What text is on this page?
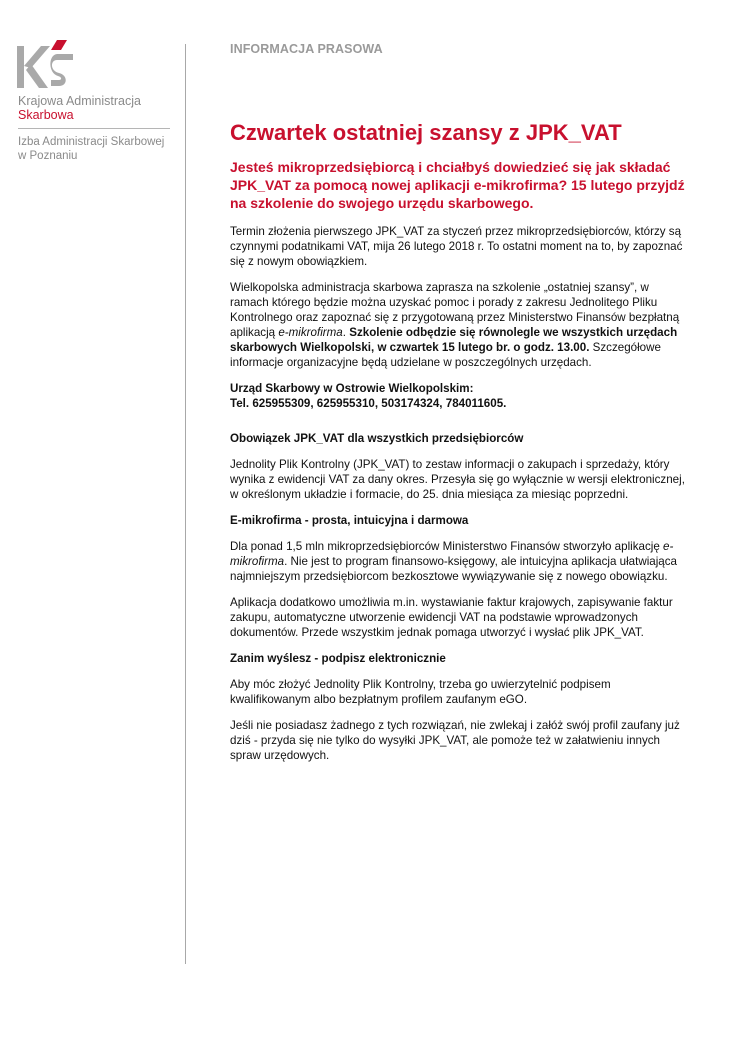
Krajowa Administracja
Skarbowa
Izba Administracji Skarbowej
w Poznaniu
INFORMACJA PRASOWA
Czwartek ostatniej szansy z JPK_VAT
Jesteś mikroprzedsiębiorcą i chciałbyś dowiedzieć się jak składać JPK_VAT za pomocą nowej aplikacji e-mikrofirma? 15 lutego przyjdź na szkolenie do swojego urzędu skarbowego.

Termin złożenia pierwszego JPK_VAT za styczeń przez mikroprzedsiębiorców, którzy są czynnymi podatnikami VAT, mija 26 lutego 2018 r. To ostatni moment na to, by zapoznać się z nowym obowiązkiem.

Wielkopolska administracja skarbowa zaprasza na szkolenie „ostatniej szansy”, w ramach którego będzie można uzyskać pomoc i porady z zakresu Jednolitego Pliku Kontrolnego oraz zapoznać się z przygotowaną przez Ministerstwo Finansów bezpłatną aplikacją e-mikrofirma. Szkolenie odbędzie się równolegle we wszystkich urzędach skarbowych Wielkopolski, w czwartek 15 lutego br. o godz. 13.00. Szczegółowe informacje organizacyjne będą udzielane w poszczególnych urzędach.

Urząd Skarbowy w Ostrowie Wielkopolskim:
Tel. 625955309, 625955310, 503174324, 784011605.

Obowiązek JPK_VAT dla wszystkich przedsiębiorców

Jednolity Plik Kontrolny (JPK_VAT) to zestaw informacji o zakupach i sprzedaży, który wynika z ewidencji VAT za dany okres. Przesyła się go wyłącznie w wersji elektronicznej, w określonym układzie i formacie, do 25. dnia miesiąca za miesiąc poprzedni.

E-mikrofirma - prosta, intuicyjna i darmowa

Dla ponad 1,5 mln mikroprzedsiębiorców Ministerstwo Finansów stworzyło aplikację e-mikrofirma. Nie jest to program finansowo-księgowy, ale intuicyjna aplikacja ułatwiająca najmniejszym przedsiębiorcom bezkosztowe wywiązywanie się z nowego obowiązku.

Aplikacja dodatkowo umożliwia m.in. wystawianie faktur krajowych, zapisywanie faktur zakupu, automatyczne utworzenie ewidencji VAT na podstawie wprowadzonych dokumentów. Przede wszystkim jednak pomaga utworzyć i wysłać plik JPK_VAT.

Zanim wyślesz - podpisz elektronicznie

Aby móc złożyć Jednolity Plik Kontrolny, trzeba go uwierzytelnić podpisem kwalifikowanym albo bezpłatnym profilem zaufanym eGO.

Jeśli nie posiadasz żadnego z tych rozwiązań, nie zwlekaj i załóż swój profil zaufany już dziś - przyda się nie tylko do wysyłki JPK_VAT, ale pomoże też w załatwieniu innych spraw urzędowych.
